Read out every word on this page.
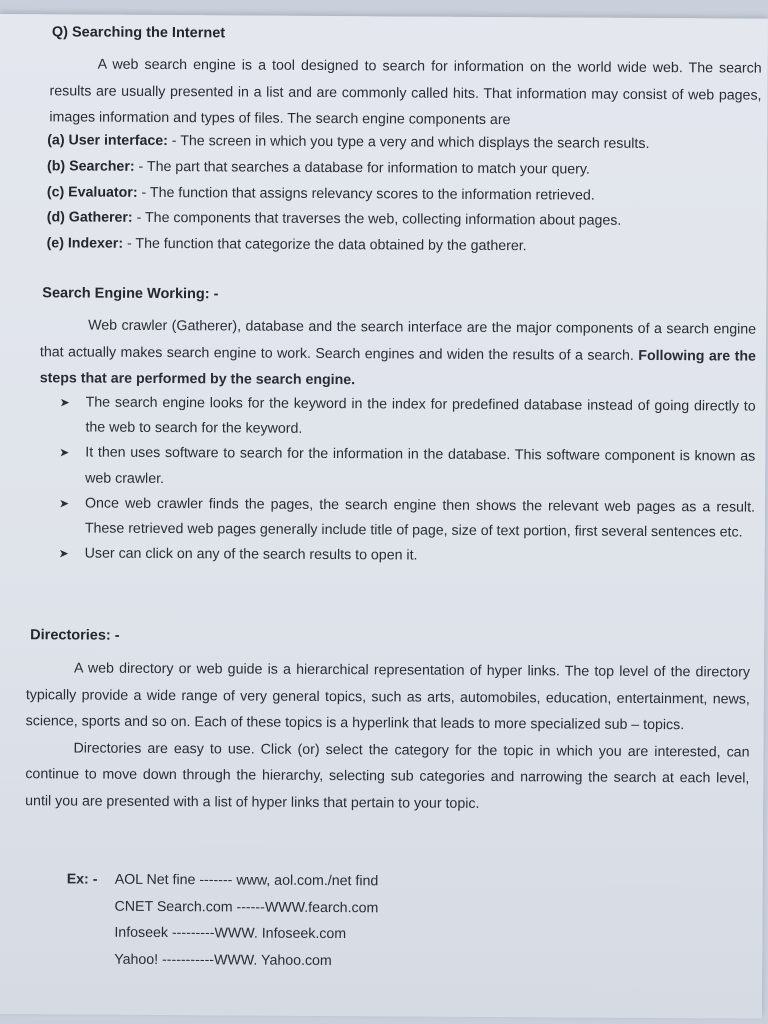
Q) Searching the Internet

A web search engine is a tool designed to search for information on the world wide web. The search results are usually presented in a list and are commonly called hits. That information may consist of web pages, images information and types of files. The search engine components are

(a) User interface: - The screen in which you type a very and which displays the search results.

(b) Searcher: - The part that searches a database for information to match your query.

(c) Evaluator: - The function that assigns relevancy scores to the information retrieved.

(d) Gatherer: - The components that traverses the web, collecting information about pages.

(e) Indexer: - The function that categorize the data obtained by the gatherer.

Search Engine Working: -

Web crawler (Gatherer), database and the search interface are the major components of a search engine that actually makes search engine to work. Search engines and widen the results of a search. Following are the steps that are performed by the search engine.

➤ The search engine looks for the keyword in the index for predefined database instead of going directly to the web to search for the keyword.
➤ It then uses software to search for the information in the database. This software component is known as web crawler.
➤ Once web crawler finds the pages, the search engine then shows the relevant web pages as a result. These retrieved web pages generally include title of page, size of text portion, first several sentences etc.
➤ User can click on any of the search results to open it.
Directories: -

A web directory or web guide is a hierarchical representation of hyper links. The top level of the directory typically provide a wide range of very general topics, such as arts, automobiles, education, entertainment, news, science, sports and so on. Each of these topics is a hyperlink that leads to more specialized sub – topics.

Directories are easy to use. Click (or) select the category for the topic in which you are interested, can continue to move down through the hierarchy, selecting sub categories and narrowing the search at each level, until you are presented with a list of hyper links that pertain to your topic.

Ex: - AOL Net fine ------- www, aol.com./net find
CNET Search.com ------WWW.fearch.com
Infoseek ---------WWW. Infoseek.com
Yahoo! -----------WWW. Yahoo.com
